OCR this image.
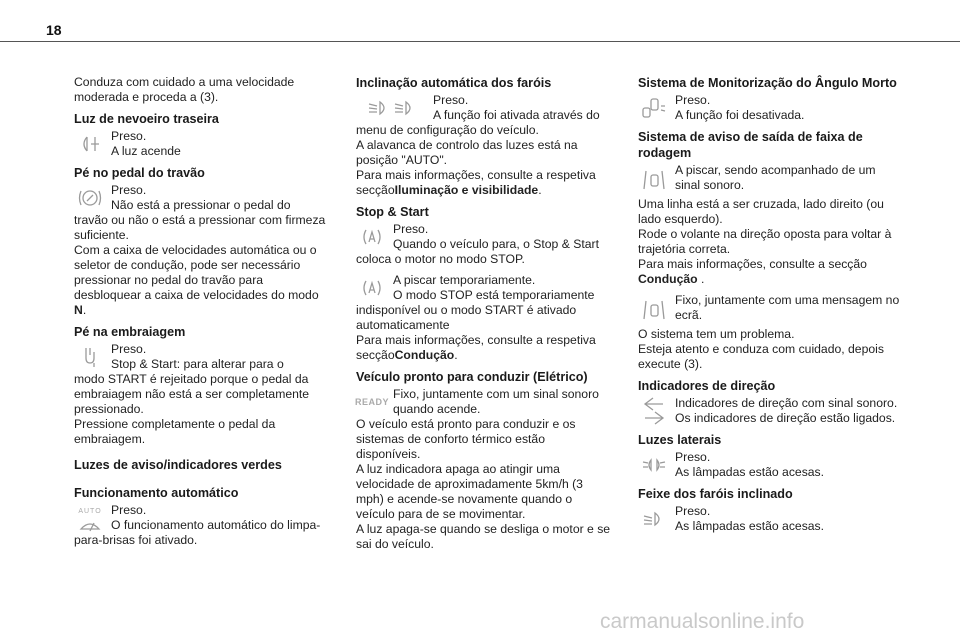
18
Conduza com cuidado a uma velocidade moderada e proceda a (3).
Luz de nevoeiro traseira
Preso.
A luz acende
Pé no pedal do travão
Preso.
Não está a pressionar o pedal do
travão ou não o está a pressionar com firmeza suficiente.
Com a caixa de velocidades automática ou o seletor de condução, pode ser necessário pressionar no pedal do travão para desbloquear a caixa de velocidades do modo N.
Pé na embraiagem
Preso.
Stop & Start: para alterar para o
modo START é rejeitado porque o pedal da embraiagem não está a ser completamente pressionado.
Pressione completamente o pedal da embraiagem.
Luzes de aviso/indicadores verdes
Funcionamento automático
AUTO Preso.
O funcionamento automático do limpa-
para-brisas foi ativado.
Inclinação automática dos faróis
Preso.
A função foi ativada através do
menu de configuração do veículo.
A alavanca de controlo das luzes está na posição "AUTO".
Para mais informações, consulte a respetiva secçãoIluminação e visibilidade.
Stop & Start
Preso.
Quando o veículo para, o Stop & Start
coloca o motor no modo STOP.
A piscar temporariamente.
O modo STOP está temporariamente
indisponível ou o modo START é ativado automaticamente
Para mais informações, consulte a respetiva secçãoCondução.
Veículo pronto para conduzir (Elétrico)
READY
Fixo, juntamente com um sinal sonoro
quando acende.
O veículo está pronto para conduzir e os sistemas de conforto térmico estão disponíveis.
A luz indicadora apaga ao atingir uma velocidade de aproximadamente 5km/h (3 mph) e acende-se novamente quando o veículo para de se movimentar.
A luz apaga-se quando se desliga o motor e se sai do veículo.
Sistema de Monitorização do Ângulo Morto
Preso.
A função foi desativada.
Sistema de aviso de saída de faixa de rodagem
A piscar, sendo acompanhado de um
sinal sonoro.
Uma linha está a ser cruzada, lado direito (ou lado esquerdo).
Rode o volante na direção oposta para voltar à trajetória correta.
Para mais informações, consulte a secção
Condução .
Fixo, juntamente com uma mensagem no
ecrã.
O sistema tem um problema.
Esteja atento e conduza com cuidado, depois execute (3).
Indicadores de direção
Indicadores de direção com sinal sonoro.
Os indicadores de direção estão ligados.
Luzes laterais
Preso.
As lâmpadas estão acesas.
Feixe dos faróis inclinado
Preso.
As lâmpadas estão acesas.
carmanualsonline.info
